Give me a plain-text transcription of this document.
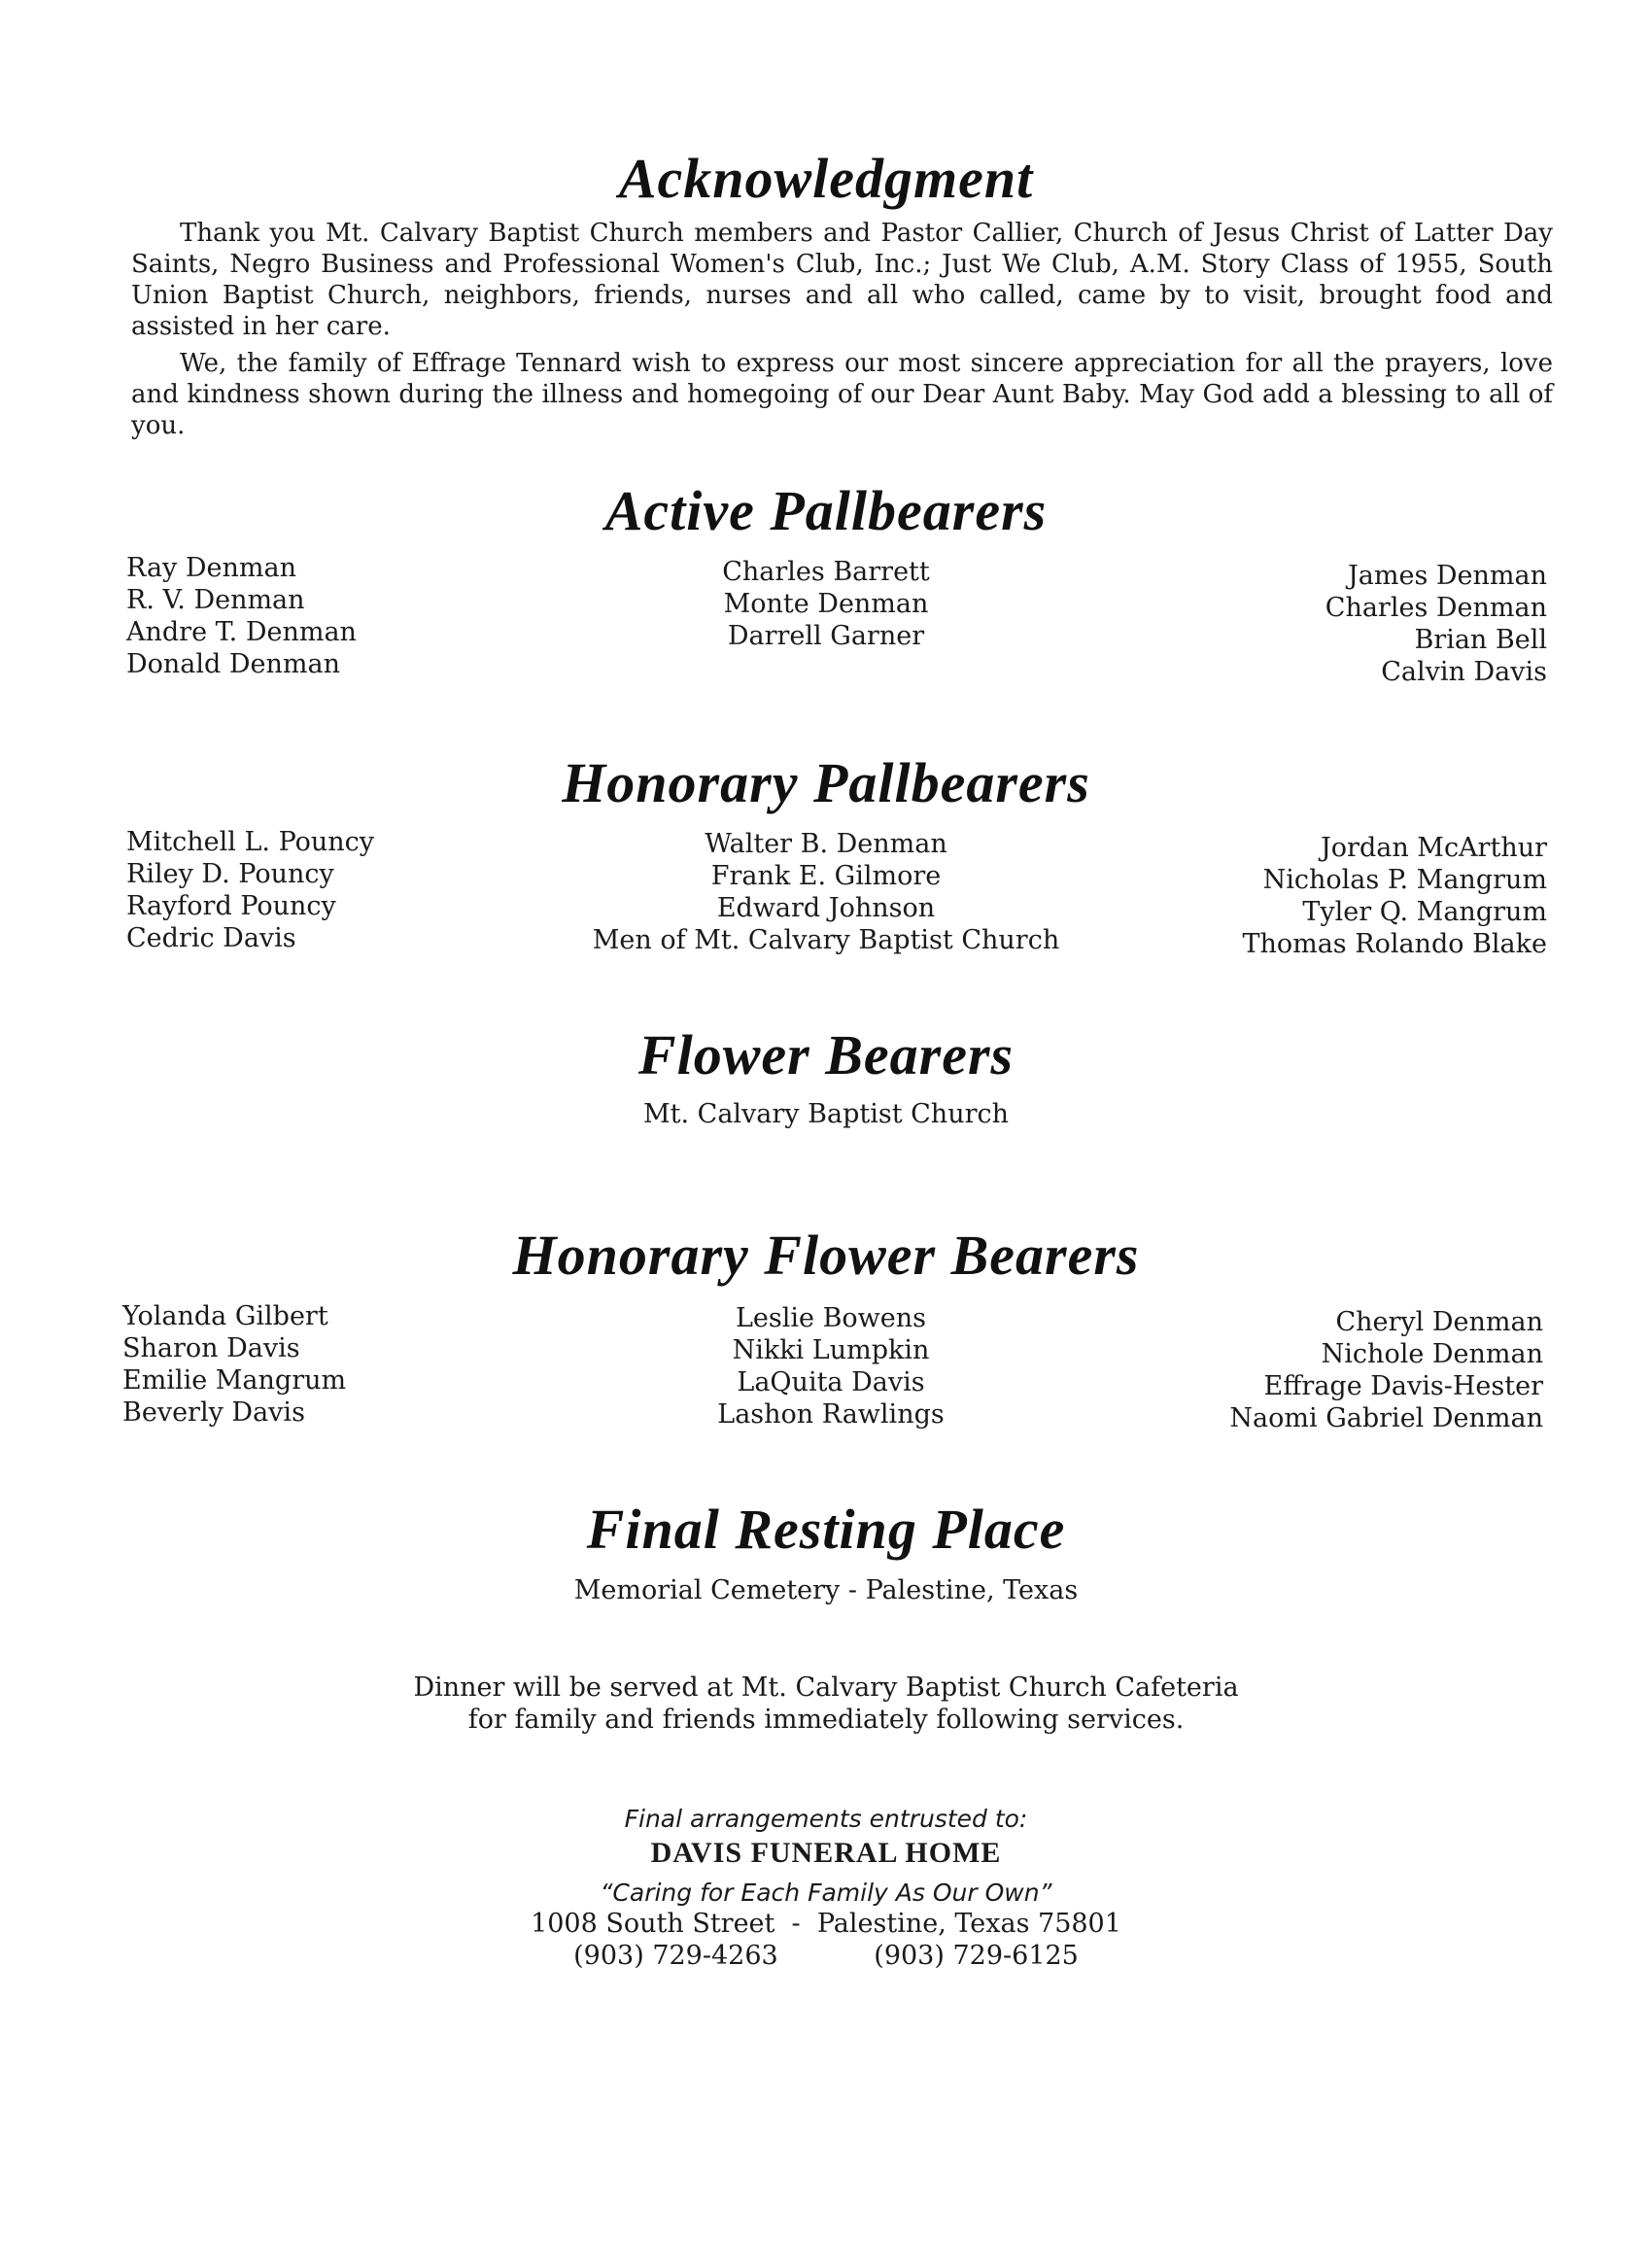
Acknowledgment

Thank you Mt. Calvary Baptist Church members and Pastor Callier, Church of Jesus Christ of Latter Day Saints, Negro Business and Professional Women's Club, Inc.; Just We Club, A.M. Story Class of 1955, South Union Baptist Church, neighbors, friends, nurses and all who called, came by to visit, brought food and assisted in her care.

We, the family of Effrage Tennard wish to express our most sincere appreciation for all the prayers, love and kindness shown during the illness and homegoing of our Dear Aunt Baby. May God add a blessing to all of you.

Active Pallbearers
Ray Denman
R. V. Denman
Andre T. Denman
Donald Denman
Charles Barrett
Monte Denman
Darrell Garner
James Denman
Charles Denman
Brian Bell
Calvin Davis
Honorary Pallbearers
Mitchell L. Pouncy
Riley D. Pouncy
Rayford Pouncy
Cedric Davis
Walter B. Denman
Frank E. Gilmore
Edward Johnson
Men of Mt. Calvary Baptist Church
Jordan McArthur
Nicholas P. Mangrum
Tyler Q. Mangrum
Thomas Rolando Blake
Flower Bearers
Mt. Calvary Baptist Church
Honorary Flower Bearers
Yolanda Gilbert
Sharon Davis
Emilie Mangrum
Beverly Davis
Leslie Bowens
Nikki Lumpkin
LaQuita Davis
Lashon Rawlings
Cheryl Denman
Nichole Denman
Effrage Davis-Hester
Naomi Gabriel Denman
Final Resting Place
Memorial Cemetery - Palestine, Texas
Dinner will be served at Mt. Calvary Baptist Church Cafeteria
for family and friends immediately following services.
Final arrangements entrusted to:
DAVIS FUNERAL HOME
“Caring for Each Family As Our Own”
1008 South Street  -  Palestine, Texas 75801
(903) 729-4263	(903) 729-6125
